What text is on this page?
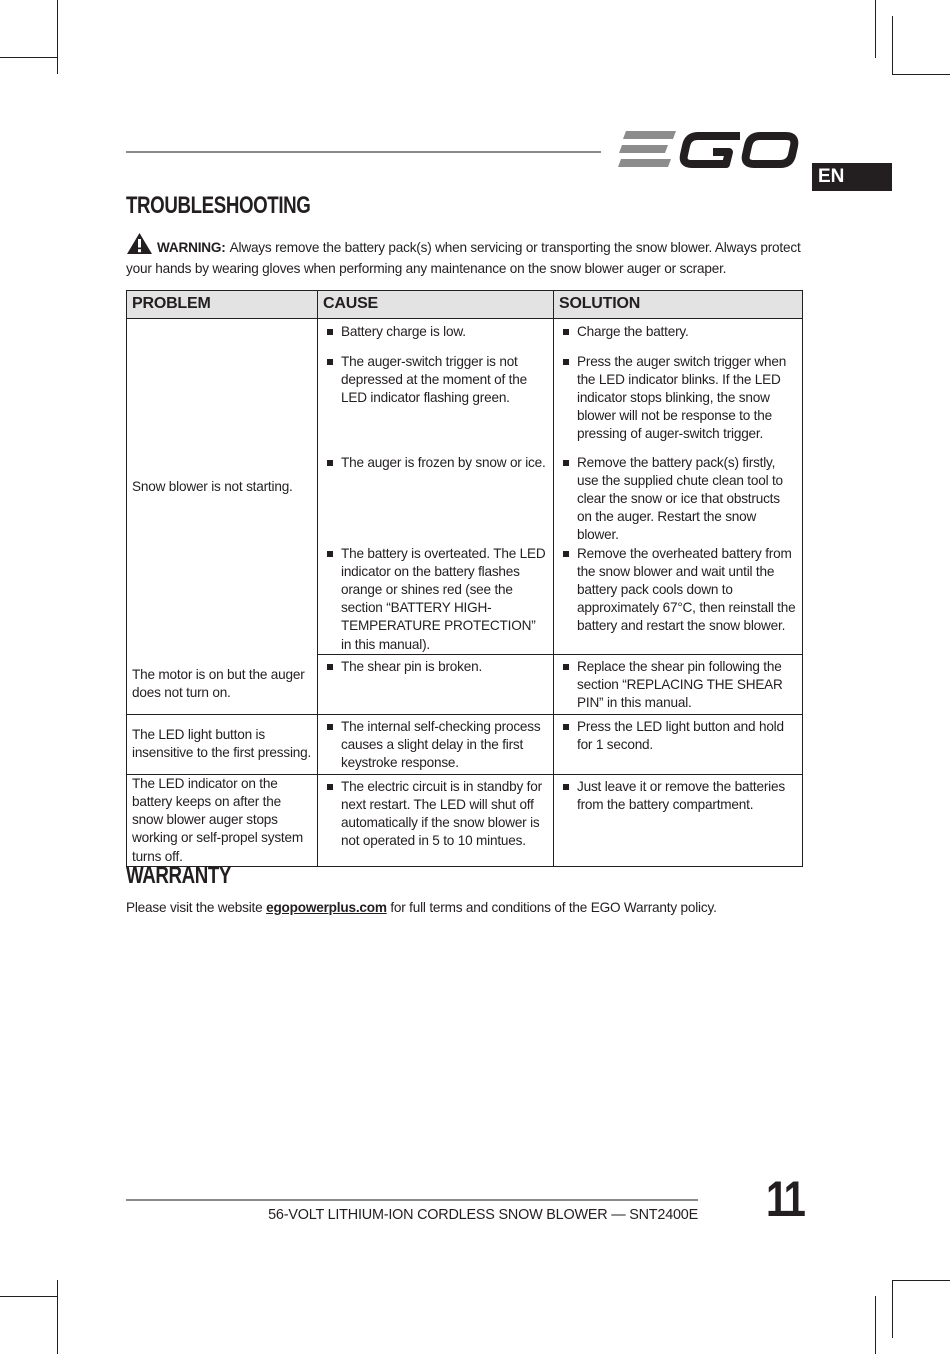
EN
TROUBLESHOOTING
WARNING: Always remove the battery pack(s) when servicing or transporting the snow blower. Always protect your hands by wearing gloves when performing any maintenance on the snow blower auger or scraper.
PROBLEM	CAUSE	SOLUTION
Snow blower is not starting.	Battery charge is low.	Charge the battery.

	The auger-switch trigger is not depressed at the moment of the LED indicator flashing green.	Press the auger switch trigger when the LED indicator blinks. If the LED indicator stops blinking, the snow blower will not be response to the pressing of auger-switch trigger.

	The auger is frozen by snow or ice.	Remove the battery pack(s) firstly, use the supplied chute clean tool to clear the snow or ice that obstructs on the auger. Restart the snow blower.

	The battery is overteated. The LED indicator on the battery flashes orange or shines red (see the section “BATTERY HIGH-TEMPERATURE PROTECTION” in this manual).	Remove the overheated battery from the snow blower and wait until the battery pack cools down to approximately 67°C, then reinstall the battery and restart the snow blower.

The motor is on but the auger does not turn on.	The shear pin is broken.	Replace the shear pin following the section “REPLACING THE SHEAR PIN” in this manual.

The LED light button is insensitive to the first pressing.	The internal self-checking process causes a slight delay in the first keystroke response.	Press the LED light button and hold for 1 second.

The LED indicator on the battery keeps on after the snow blower auger stops working or self-propel system turns off.	The electric circuit is in standby for next restart. The LED will shut off automatically if the snow blower is not operated in 5 to 10 mintues.	Just leave it or remove the batteries from the battery compartment.
WARRANTY
Please visit the website egopowerplus.com for full terms and conditions of the EGO Warranty policy.
56-VOLT LITHIUM-ION CORDLESS SNOW BLOWER — SNT2400E 11
